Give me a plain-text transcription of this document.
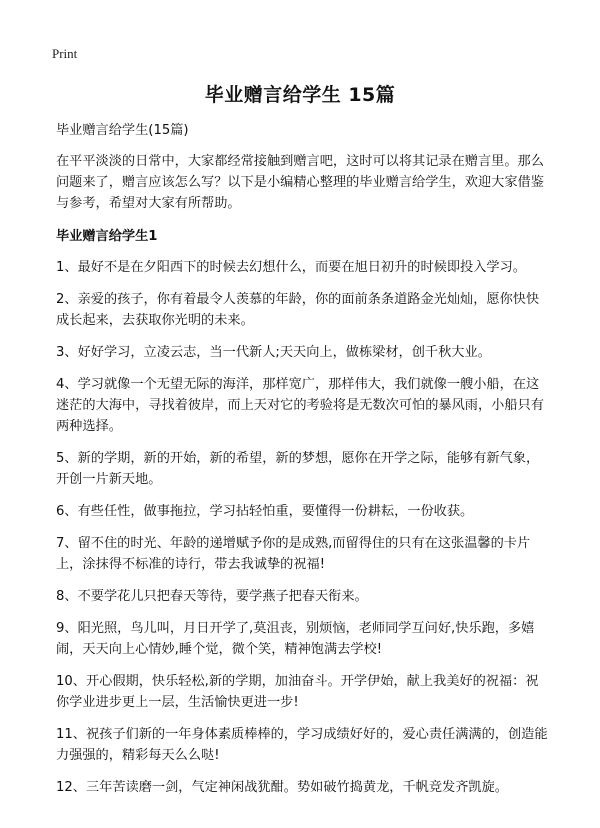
Print
毕业赠言给学生 15篇

毕业赠言给学生(15篇)

在平平淡淡的日常中，大家都经常接触到赠言吧，这时可以将其记录在赠言里。那么问题来了，赠言应该怎么写？以下是小编精心整理的毕业赠言给学生，欢迎大家借鉴与参考，希望对大家有所帮助。

毕业赠言给学生1

1、最好不是在夕阳西下的时候去幻想什么，而要在旭日初升的时候即投入学习。

2、亲爱的孩子，你有着最令人羡慕的年龄，你的面前条条道路金光灿灿，愿你快快成长起来，去获取你光明的未来。

3、好好学习，立凌云志，当一代新人;天天向上，做栋梁材，创千秋大业。

4、学习就像一个无望无际的海洋，那样宽广，那样伟大，我们就像一艘小船，在这迷茫的大海中，寻找着彼岸，而上天对它的考验将是无数次可怕的暴风雨，小船只有两种选择。

5、新的学期，新的开始，新的希望，新的梦想，愿你在开学之际，能够有新气象，开创一片新天地。

6、有些任性，做事拖拉，学习拈轻怕重，要懂得一份耕耘，一份收获。

7、留不住的时光、年龄的递增赋予你的是成熟,而留得住的只有在这张温馨的卡片上，涂抹得不标准的诗行，带去我诚挚的祝福!

8、不要学花儿只把春天等待，要学燕子把春天衔来。

9、阳光照，鸟儿叫，月日开学了,莫沮丧，别烦恼，老师同学互问好,快乐跑，多嬉闹，天天向上心情妙,睡个觉，微个笑，精神饱满去学校!

10、开心假期，快乐轻松,新的学期，加油奋斗。开学伊始，献上我美好的祝福：祝你学业进步更上一层，生活愉快更进一步!

11、祝孩子们新的一年身体素质棒棒的，学习成绩好好的，爱心责任满满的，创造能力强强的，精彩每天么么哒!

12、三年苦读磨一剑，气定神闲战犹酣。势如破竹捣黄龙，千帆竞发齐凯旋。
